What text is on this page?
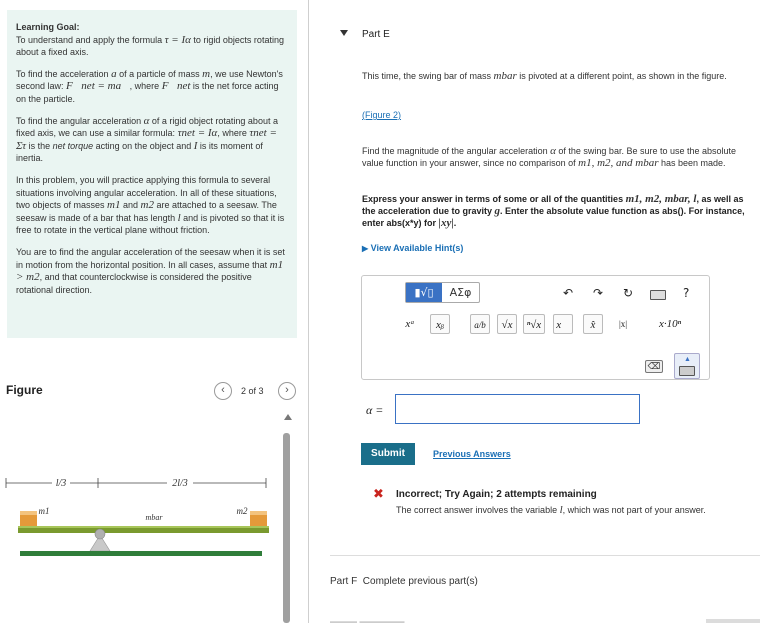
Learning Goal:
To understand and apply the formula τ = Iα to rigid objects rotating about a fixed axis.

To find the acceleration a of a particle of mass m, we use Newton's second law: F⃗net = ma⃗, where F⃗net is the net force acting on the particle.

To find the angular acceleration α of a rigid object rotating about a fixed axis, we can use a similar formula: τnet = Iα, where τnet = Στ is the net torque acting on the object and I is its moment of inertia.

In this problem, you will practice applying this formula to several situations involving angular acceleration. In all of these situations, two objects of masses m1 and m2 are attached to a seesaw. The seesaw is made of a bar that has length l and is pivoted so that it is free to rotate in the vertical plane without friction.

You are to find the angular acceleration of the seesaw when it is set in motion from the horizontal position. In all cases, assume that m1 > m2, and that counterclockwise is considered the positive rotational direction.

Figure	‹	2 of 3	›
l/3	2l/3
m1
mbar
m2
Part E
This time, the swing bar of mass mbar is pivoted at a different point, as shown in the figure.
(Figure 2)
Find the magnitude of the angular acceleration α of the swing bar. Be sure to use the absolute value function in your answer, since no comparison of m1, m2, and mbar has been made.
Express your answer in terms of some or all of the quantities m1, m2, mbar, l, as well as the acceleration due to gravity g. Enter the absolute value function as abs(). For instance, enter abs(x*y) for |xy|.
▶ View Available Hint(s)
▮√▯	ΑΣφ	↶ ↷ ↻	?
xᵃ	xᵦ	a/b	√x	ⁿ√x	x⃗	x̂	|x|	x·10ⁿ
⌫
▲
α =
Submit	Previous Answers
✖ Incorrect; Try Again; 2 attempts remaining
The correct answer involves the variable l, which was not part of your answer.
Part F Complete previous part(s)
▬▬▬ ▬▬▬▬▬
